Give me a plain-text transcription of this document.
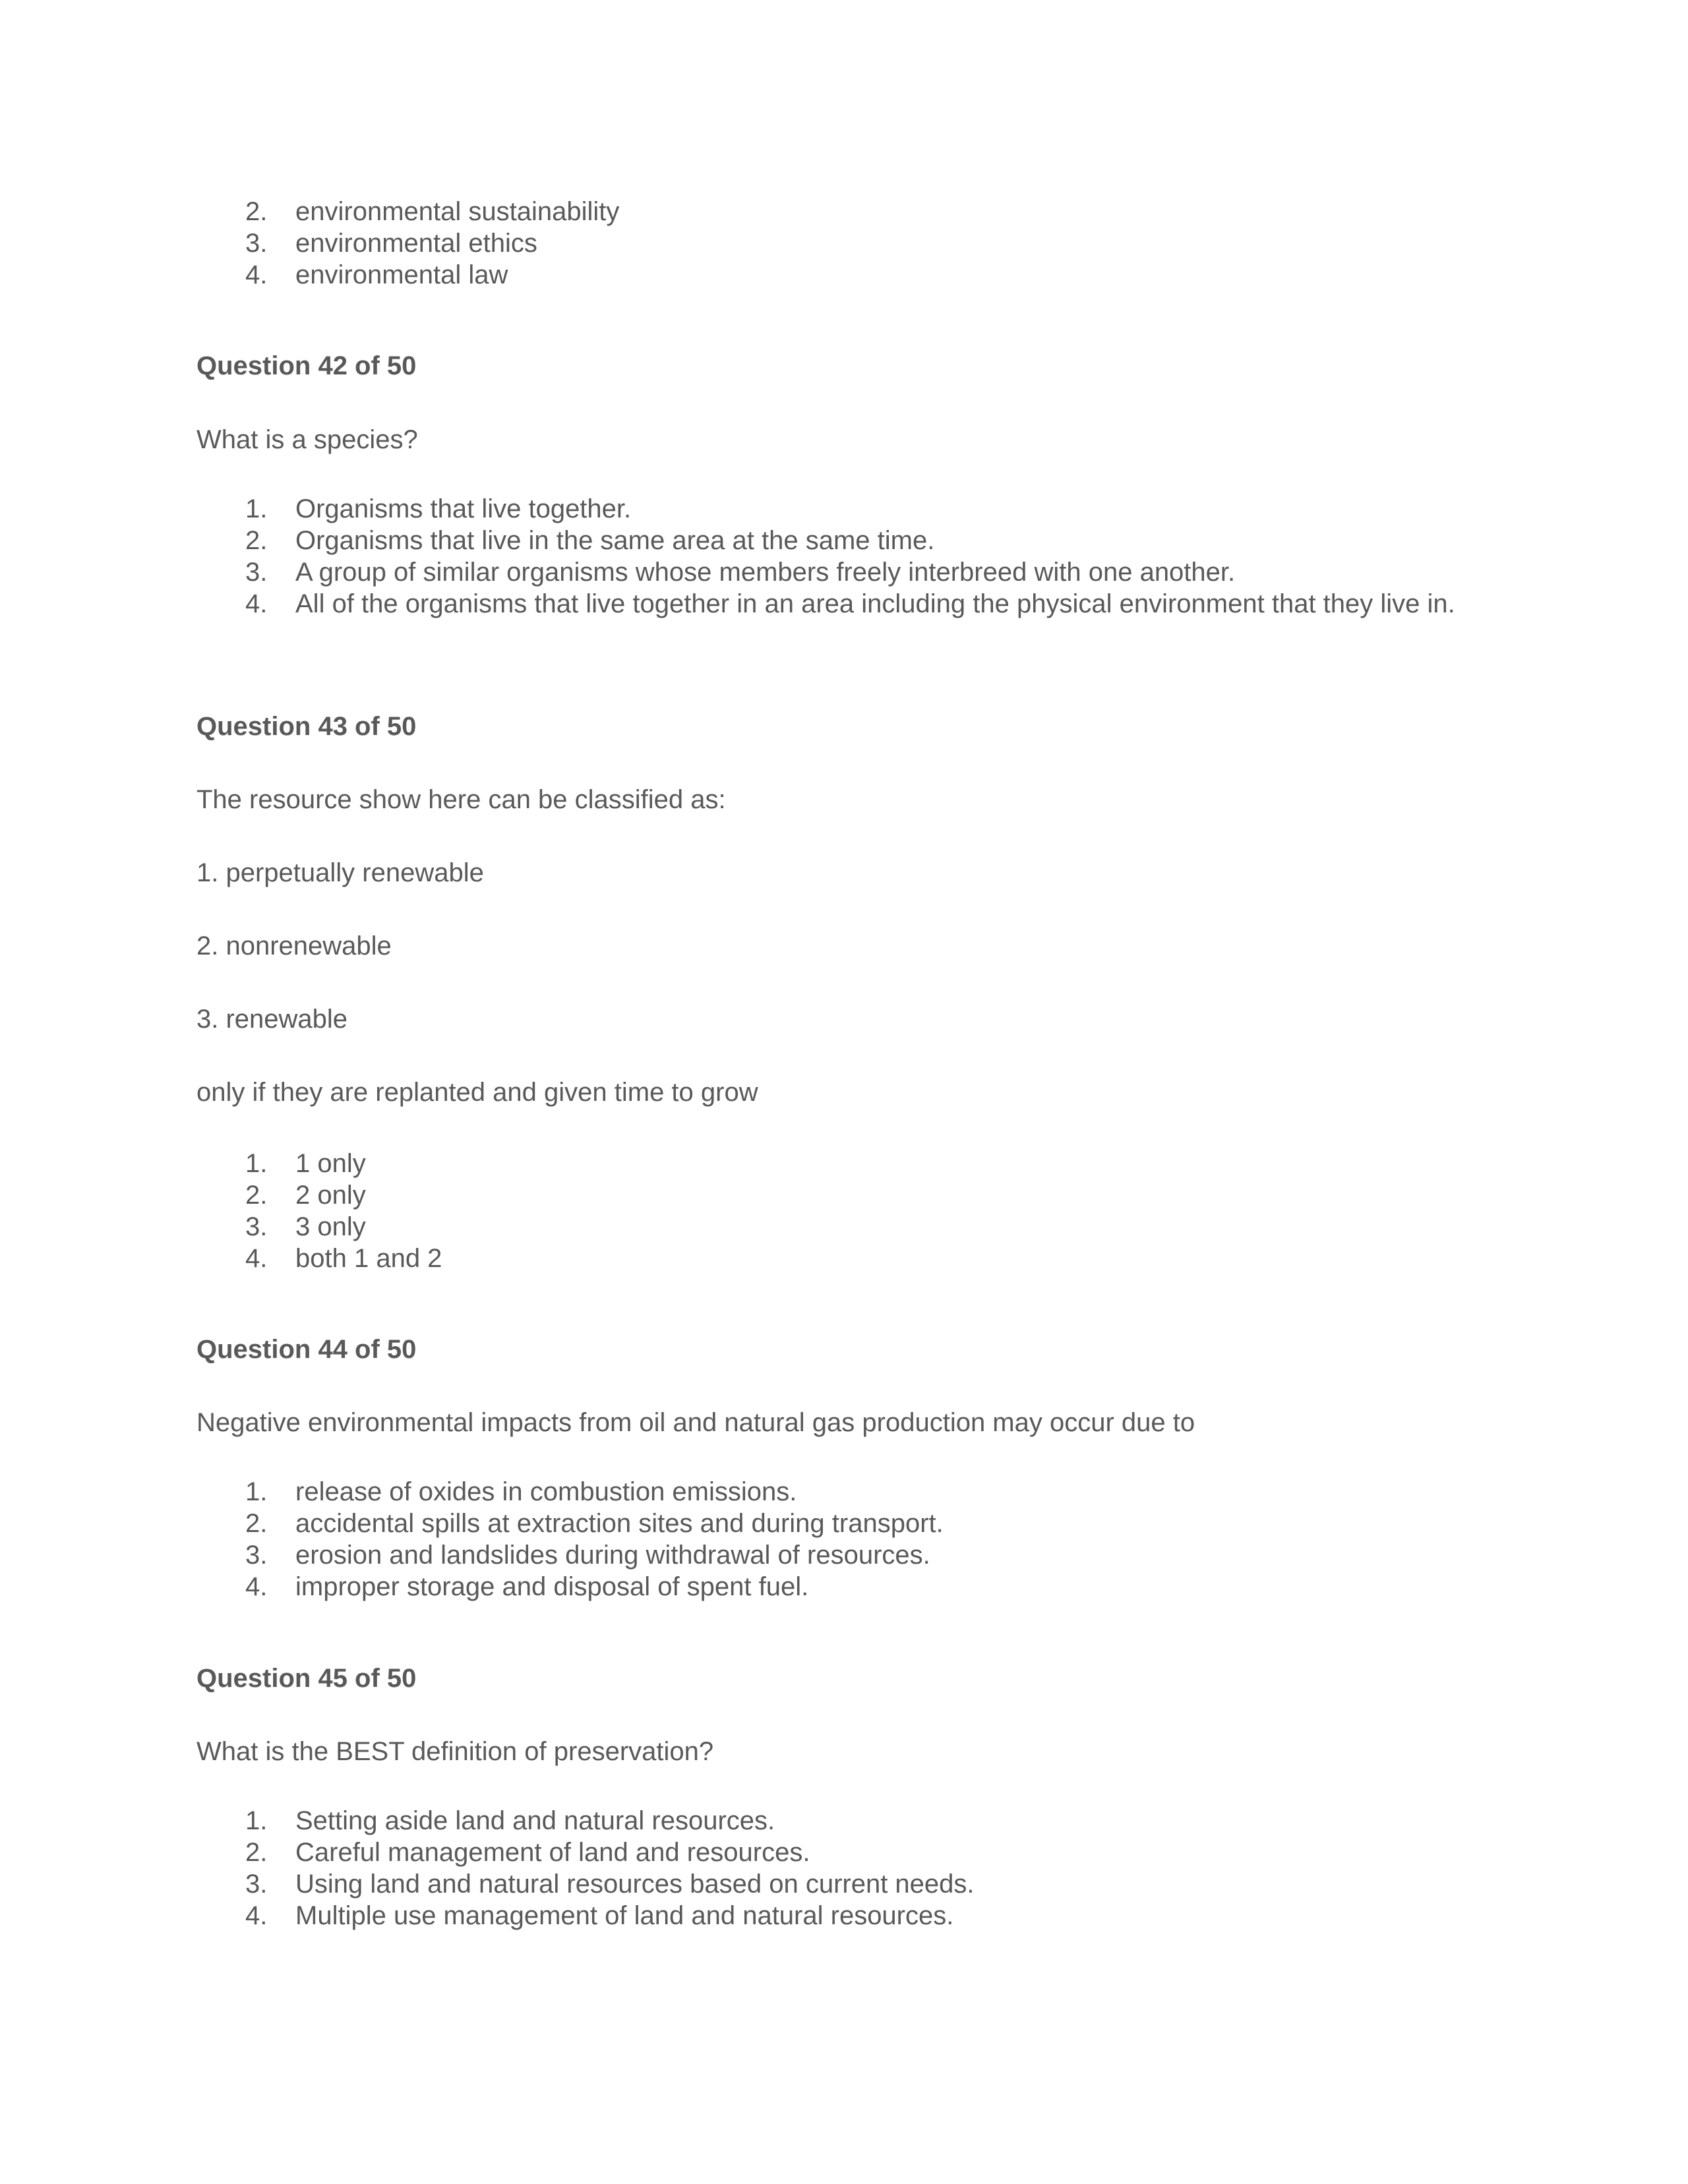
2. environmental sustainability
3. environmental ethics
4. environmental law

Question 42 of 50

What is a species?

1. Organisms that live together.
2. Organisms that live in the same area at the same time.
3. A group of similar organisms whose members freely interbreed with one another.
4. All of the organisms that live together in an area including the physical environment that they live in.

Question 43 of 50

The resource show here can be classified as:

1. perpetually renewable

2. nonrenewable

3. renewable

only if they are replanted and given time to grow

1. 1 only
2. 2 only
3. 3 only
4. both 1 and 2

Question 44 of 50

Negative environmental impacts from oil and natural gas production may occur due to

1. release of oxides in combustion emissions.
2. accidental spills at extraction sites and during transport.
3. erosion and landslides during withdrawal of resources.
4. improper storage and disposal of spent fuel.

Question 45 of 50

What is the BEST definition of preservation?

1. Setting aside land and natural resources.
2. Careful management of land and resources.
3. Using land and natural resources based on current needs.
4. Multiple use management of land and natural resources.
